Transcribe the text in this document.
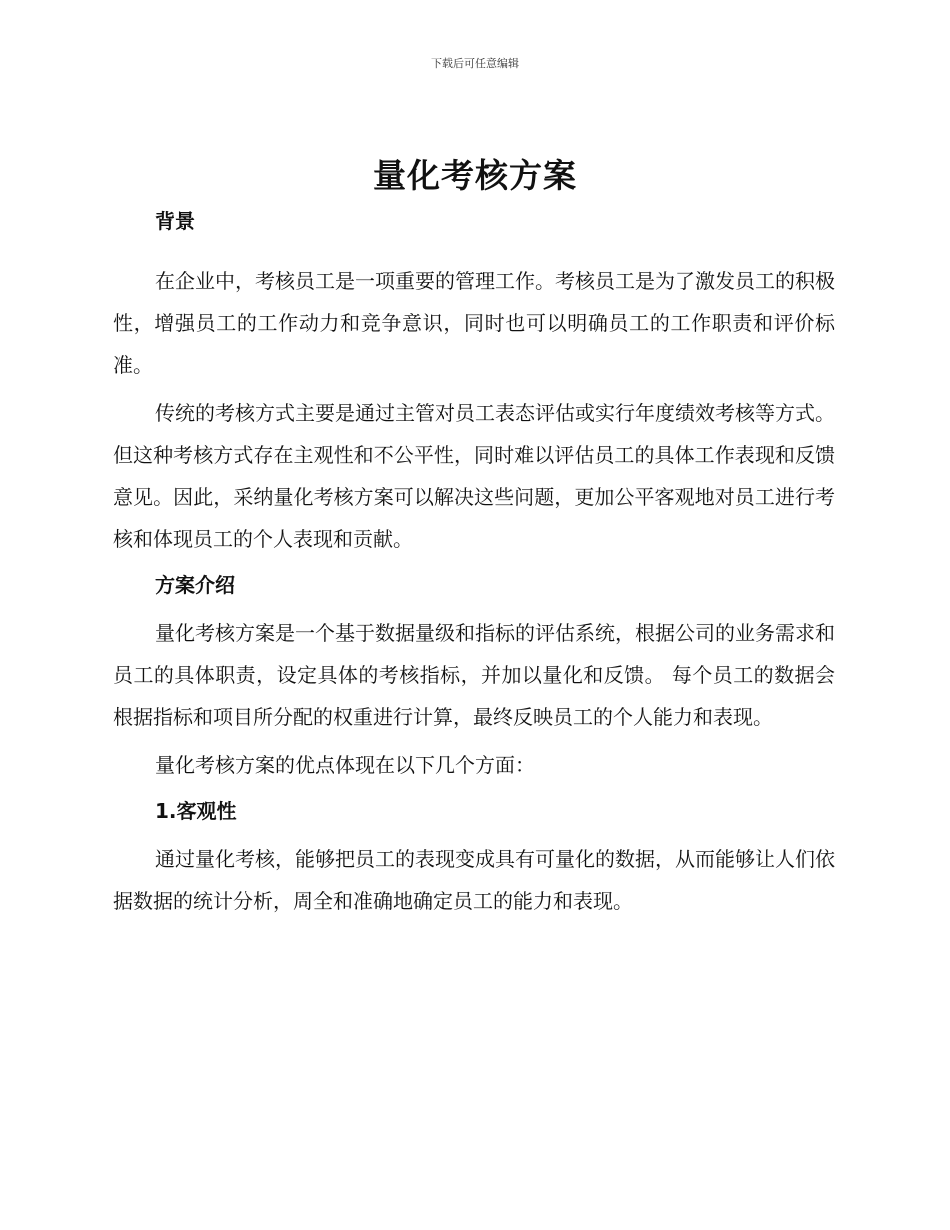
下载后可任意编辑
量化考核方案
背景

在企业中，考核员工是一项重要的管理工作。考核员工是为了激发员工的积极性，增强员工的工作动力和竞争意识，同时也可以明确员工的工作职责和评价标准。

传统的考核方式主要是通过主管对员工表态评估或实行年度绩效考核等方式。但这种考核方式存在主观性和不公平性，同时难以评估员工的具体工作表现和反馈意见。因此，采纳量化考核方案可以解决这些问题，更加公平客观地对员工进行考核和体现员工的个人表现和贡献。

方案介绍

量化考核方案是一个基于数据量级和指标的评估系统，根据公司的业务需求和员工的具体职责，设定具体的考核指标，并加以量化和反馈。 每个员工的数据会根据指标和项目所分配的权重进行计算，最终反映员工的个人能力和表现。

量化考核方案的优点体现在以下几个方面：

1.客观性

通过量化考核，能够把员工的表现变成具有可量化的数据，从而能够让人们依据数据的统计分析，周全和准确地确定员工的能力和表现。
